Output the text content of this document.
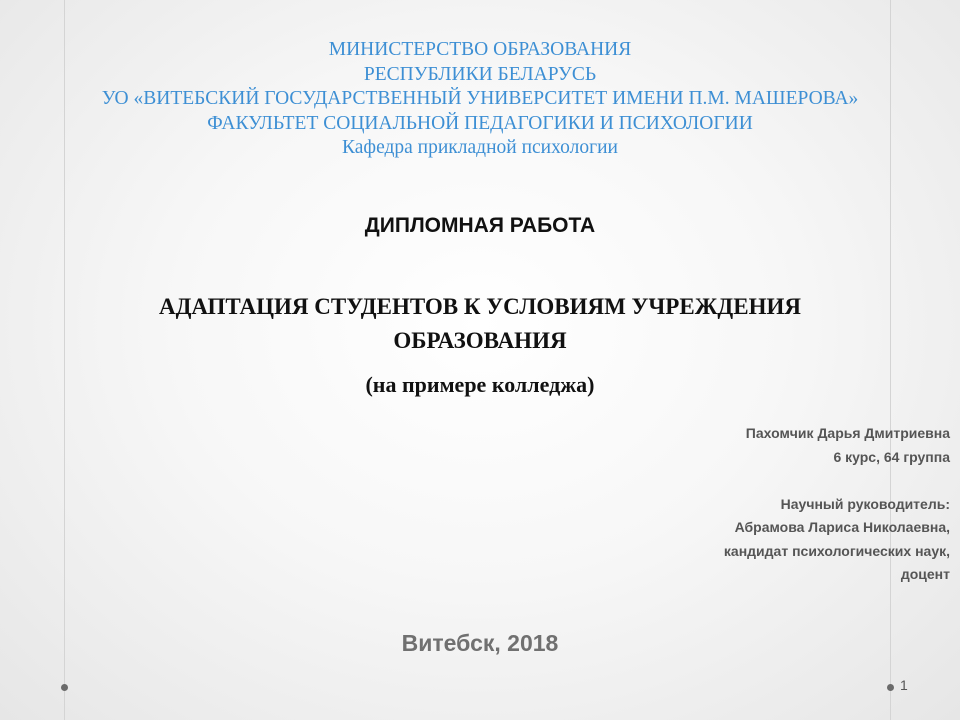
МИНИСТЕРСТВО ОБРАЗОВАНИЯ
РЕСПУБЛИКИ БЕЛАРУСЬ
УО «ВИТЕБСКИЙ ГОСУДАРСТВЕННЫЙ УНИВЕРСИТЕТ ИМЕНИ П.М. МАШЕРОВА»
ФАКУЛЬТЕТ СОЦИАЛЬНОЙ ПЕДАГОГИКИ И ПСИХОЛОГИИ
Кафедра прикладной психологии
ДИПЛОМНАЯ РАБОТА
АДАПТАЦИЯ СТУДЕНТОВ К УСЛОВИЯМ УЧРЕЖДЕНИЯ
ОБРАЗОВАНИЯ
(на примере колледжа)
Пахомчик Дарья Дмитриевна
6 курс, 64 группа
Научный руководитель:
Абрамова Лариса Николаевна,
кандидат психологических наук,
доцент
Витебск, 2018
1
